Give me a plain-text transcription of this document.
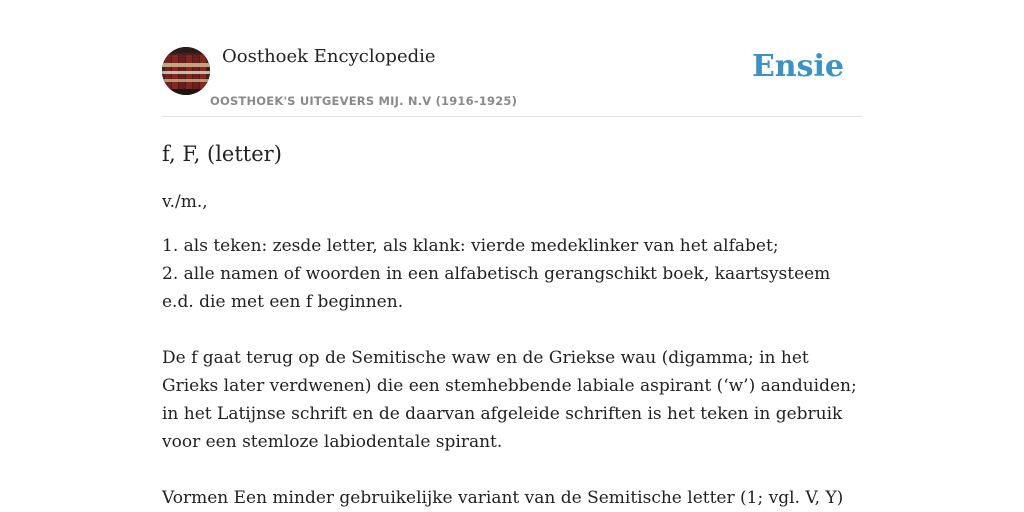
Oosthoek Encyclopedie
OOSTHOEK'S UITGEVERS MIJ. N.V (1916-1925)
Ensie
f, F, (letter)
v./m.,

1. als teken: zesde letter, als klank: vierde medeklinker van het alfabet;

2. alle namen of woorden in een alfabetisch gerangschikt boek, kaartsysteem e.d. die met een f beginnen.

De f gaat terug op de Semitische waw en de Griekse wau (digamma; in het Grieks later verdwenen) die een stemhebbende labiale aspirant (‘w’) aanduiden; in het Latijnse schrift en de daarvan afgeleide schriften is het teken in gebruik voor een stemloze labiodentale spirant.

Vormen Een minder gebruikelijke variant van de Semitische letter (1; vgl. V, Y)
